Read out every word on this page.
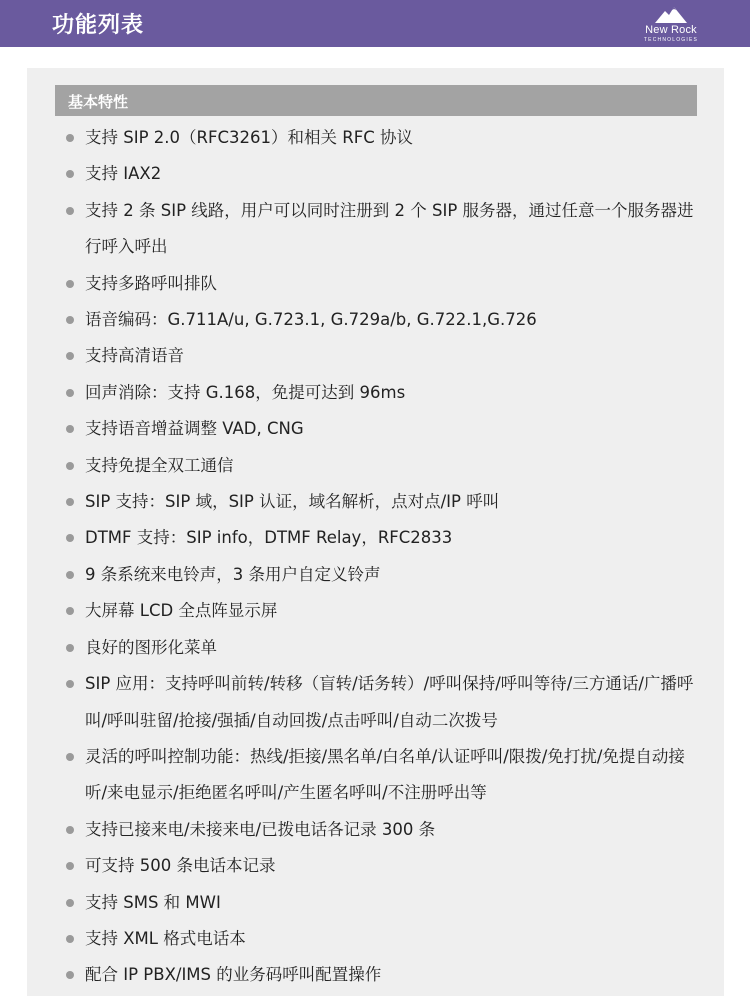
功能列表	New Rock
TECHNOLOGIES
基本特性
支持 SIP 2.0（RFC3261）和相关 RFC 协议
支持 IAX2
支持 2 条 SIP 线路，用户可以同时注册到 2 个 SIP 服务器，通过任意一个服务器进行呼入呼出
支持多路呼叫排队
语音编码：G.711A/u, G.723.1, G.729a/b, G.722.1,G.726
支持高清语音
回声消除：支持 G.168，免提可达到 96ms
支持语音增益调整 VAD, CNG
支持免提全双工通信
SIP 支持：SIP 域，SIP 认证，域名解析，点对点/IP 呼叫
DTMF 支持：SIP info，DTMF Relay，RFC2833
9 条系统来电铃声，3 条用户自定义铃声
大屏幕 LCD 全点阵显示屏
良好的图形化菜单
SIP 应用：支持呼叫前转/转移（盲转/话务转）/呼叫保持/呼叫等待/三方通话/广播呼叫/呼叫驻留/抢接/强插/自动回拨/点击呼叫/自动二次拨号
灵活的呼叫控制功能：热线/拒接/黑名单/白名单/认证呼叫/限拨/免打扰/免提自动接听/来电显示/拒绝匿名呼叫/产生匿名呼叫/不注册呼出等
支持已接来电/未接来电/已拨电话各记录 300 条
可支持 500 条电话本记录
支持 SMS 和 MWI
支持 XML 格式电话本
配合 IP PBX/IMS 的业务码呼叫配置操作
